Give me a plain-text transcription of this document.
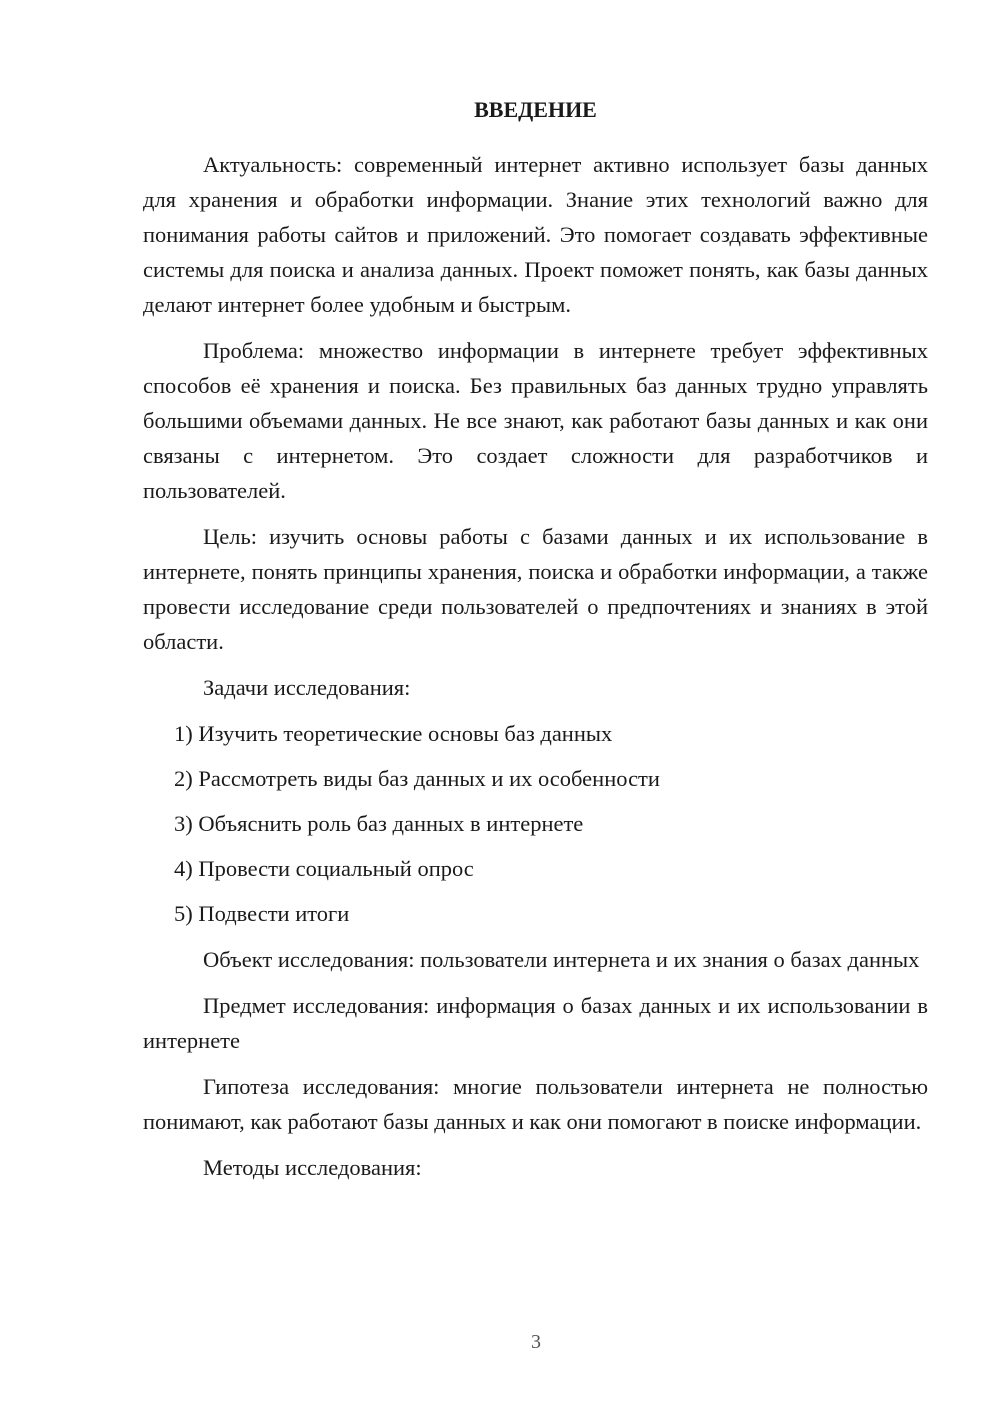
ВВЕДЕНИЕ

Актуальность: современный интернет активно использует базы данных для хранения и обработки информации. Знание этих технологий важно для понимания работы сайтов и приложений. Это помогает создавать эффективные системы для поиска и анализа данных. Проект поможет понять, как базы данных делают интернет более удобным и быстрым.

Проблема: множество информации в интернете требует эффективных способов её хранения и поиска. Без правильных баз данных трудно управлять большими объемами данных. Не все знают, как работают базы данных и как они связаны с интернетом. Это создает сложности для разработчиков и пользователей.

Цель: изучить основы работы с базами данных и их использование в интернете, понять принципы хранения, поиска и обработки информации, а также провести исследование среди пользователей о предпочтениях и знаниях в этой области.

Задачи исследования:

1) Изучить теоретические основы баз данных
2) Рассмотреть виды баз данных и их особенности
3) Объяснить роль баз данных в интернете
4) Провести социальный опрос
5) Подвести итоги

Объект исследования: пользователи интернета и их знания о базах данных

Предмет исследования: информация о базах данных и их использовании в интернете

Гипотеза исследования: многие пользователи интернета не полностью понимают, как работают базы данных и как они помогают в поиске информации.

Методы исследования:

3
